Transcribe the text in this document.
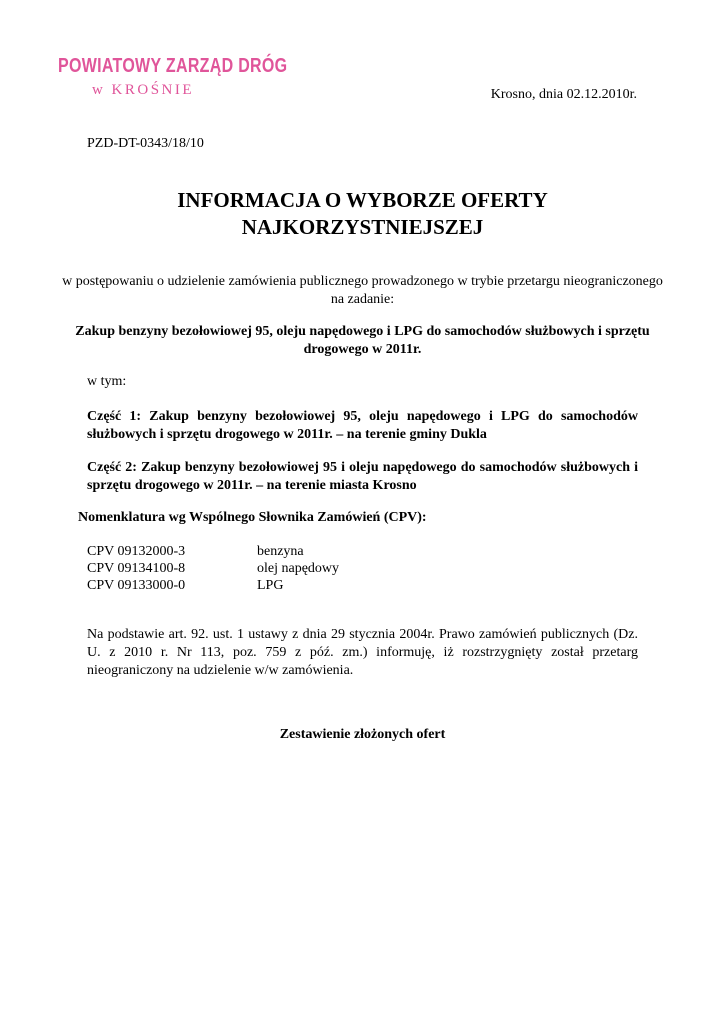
POWIATOWY ZARZĄD DRÓG
w KROŚNIE	Krosno, dnia 02.12.2010r.
PZD-DT-0343/18/10
INFORMACJA O WYBORZE OFERTY NAJKORZYSTNIEJSZEJ
w postępowaniu o udzielenie zamówienia publicznego prowadzonego w trybie przetargu nieograniczonego na zadanie:
Zakup benzyny bezołowiowej 95, oleju napędowego i LPG do samochodów służbowych i sprzętu drogowego w 2011r.
w tym:
Część 1: Zakup benzyny bezołowiowej 95, oleju napędowego i LPG do samochodów służbowych i sprzętu drogowego w 2011r. – na terenie gminy Dukla
Część 2: Zakup benzyny bezołowiowej 95 i oleju napędowego do samochodów służbowych i sprzętu drogowego w 2011r. – na terenie miasta Krosno
Nomenklatura wg Wspólnego Słownika Zamówień (CPV):
CPV 09132000-3	benzyna
CPV 09134100-8	olej napędowy
CPV 09133000-0	LPG
Na podstawie art. 92. ust. 1 ustawy z dnia 29 stycznia 2004r. Prawo zamówień publicznych (Dz. U. z 2010 r. Nr 113, poz. 759 z póź. zm.) informuję, iż rozstrzygnięty został przetarg nieograniczony na udzielenie w/w zamówienia.
Zestawienie złożonych ofert
